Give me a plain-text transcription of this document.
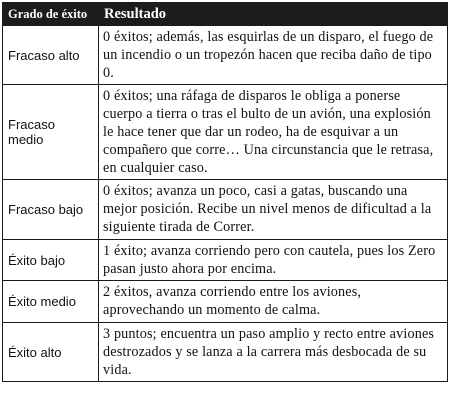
Grado de éxito	Resultado
Fracaso alto	0 éxitos; además, las esquirlas de un disparo, el fuego de un incendio o un tropezón hacen que reciba daño de tipo 0.
Fracaso medio	0 éxitos; una ráfaga de disparos le obliga a ponerse cuerpo a tierra o tras el bulto de un avión, una explosión le hace tener que dar un rodeo, ha de esquivar a un compañero que corre… Una circunstancia que le retrasa, en cualquier caso.
Fracaso bajo	0 éxitos; avanza un poco, casi a gatas, buscando una mejor posición. Recibe un nivel menos de dificultad a la siguiente tirada de Correr.
Éxito bajo	1 éxito; avanza corriendo pero con cautela, pues los Zero pasan justo ahora por encima.
Éxito medio	2 éxitos, avanza corriendo entre los aviones, aprovechando un momento de calma.
Éxito alto	3 puntos; encuentra un paso amplio y recto entre aviones destrozados y se lanza a la carrera más desbocada de su vida.
